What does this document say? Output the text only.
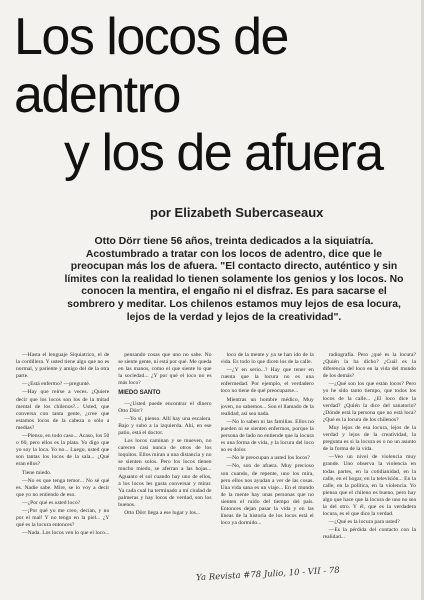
Los locos de adentro
y los de afuera
por Elizabeth Subercaseaux
Otto Dörr tiene 56 años, treinta dedicados a la siquiatría. Acostumbrado a tratar con los locos de adentro, dice que le preocupan más los de afuera. "El contacto directo, auténtico y sin límites con la realidad lo tienen solamente los genios y los locos. No conocen la mentira, el engaño ni el disfraz. Es para sacarse el sombrero y meditar. Los chilenos estamos muy lejos de esa locura, lejos de la verdad y lejos de la creatividad".

—Hasta el lenguaje Siquiatrico, el de la cordillera. Y usted tiene algo que no es normal, y pariente y amigo del de la otra parte.

—¿Está enfermo? —pregunté.

—Hay que reírse a veces. ¿Quiere decir que los locos son los de la mitad mental de los chilenos?... Usted, que conversa con tanta gente, ¿cree que estamos locos de la cabeza o sólo a medias?

—Pienso, en todo caso... Acaso, los 50 o 60, pero ellos es la plata. Yo digo que yo soy la loca. Yo no... Luego, usted que son tantas los locos de la sala... ¿Qué eran ellos?

Tiene miedo.

—No es que tenga temor... No sé qué es. Nadie sabe. Mire, se lo voy a decir que yo no entiendo de eso.

—¿Por qué es usted loco?

—¡Por qué yo me creo, decían, y no por el mal! Y no tengo en la piel... ¿Y qué es la locura entonces?

—Nada. Los locos ven lo que el loco...

pensando cosas que uno no sabe. No se siente gente, ni está por qué. Me queda en las manos, como el que siente lo que la sociedad... ¿Y por qué el loco no es más loco?

MIEDO SANTO

—¿Usted puede encontrar el dinero Otto Dörr?

—Yo sí, pienso. Allí hay una escalera. Bajo y subo a la izquierda. Ahí, en ese patio, está el doctor.

Los locos caminan y se mueven, no carecen casi nunca de otros de los loquitos. Ellos miran a una distancia y no se sienten solos. Pero los locos tienen mucho miedo, se aferran a las hojas... Aguanto el sol cuando hay uno de ellos, a los locos les gusta conversar y mirar. Ya cada cual ha terminado a mí ciudad de palmeras y hay locos de verdad, son los buenos.

Otto Dörr llega a ese lugar y los...

loco de la mente y ya se han ido de la vida. Es todo lo que dicen los de la calle.

—¿Y en serio...? Hay que tener en cuenta que la locura no es una enfermedad. Por ejemplo, el verdadero loco no tiene de qué preocuparse...

Mientras un hombre médico, Muy joven, no sabemos... Son el llamado de la realidad, así sea nada.

—No lo saben ni las familias. Ellos no pueden ni se sienten enfermos, porque la persona de lado no entiende que la locura es una forma de vida, y la locura del loco no es dolor.

—No le preocupan a usted los locos?

—No, son de afuera. Muy precioso son cuando, de repente, uno los mira, pero ellos nos ayudan a ver de las cosas. Una vida sana es un viaje... En el mundo de la mente hay unas personas que no sienten el ruido del tiempo del país. Entonces dejan pasar la vida y en las líneas de la historia de los locos está el loco ya dormido...

radiografía. Pero ¿qué es la locura? ¿Quién la ha dicho? ¿Cuál es la diferencia del loco en la vida del mundo de los demás?

—¿Qué son los que están locos? Pero yo he sido tanto tiempo, que todos los locos de la calle... ¿El loco dice la verdad? ¿Quién la dice del sanatorio? ¿Dónde está la persona que no está loca? ¿Qué es la locura de los chilenos?

Muy lejos de esa locura, lejos de la verdad y lejos de la creatividad, la pregunta es si la locura es o no un asunto de la forma de la vida.

—Veo un nivel de violencia muy grande. Uno observa la violencia en todas partes, en la cotidianidad, en la calle, en el hogar, en la televisión... En la calle, en la política, en la violencia. Yo pienso que el chileno es bueno, pero hay algo que hace que la locura de uno no sea la del otro. Y él, que es la verdadera locura, es el que dice la verdad.

—¿Qué es la locura para usted?

—Es la pérdida del contacto con la realidad...

Ya Revista #78 Julio, 10 - VII - 78
